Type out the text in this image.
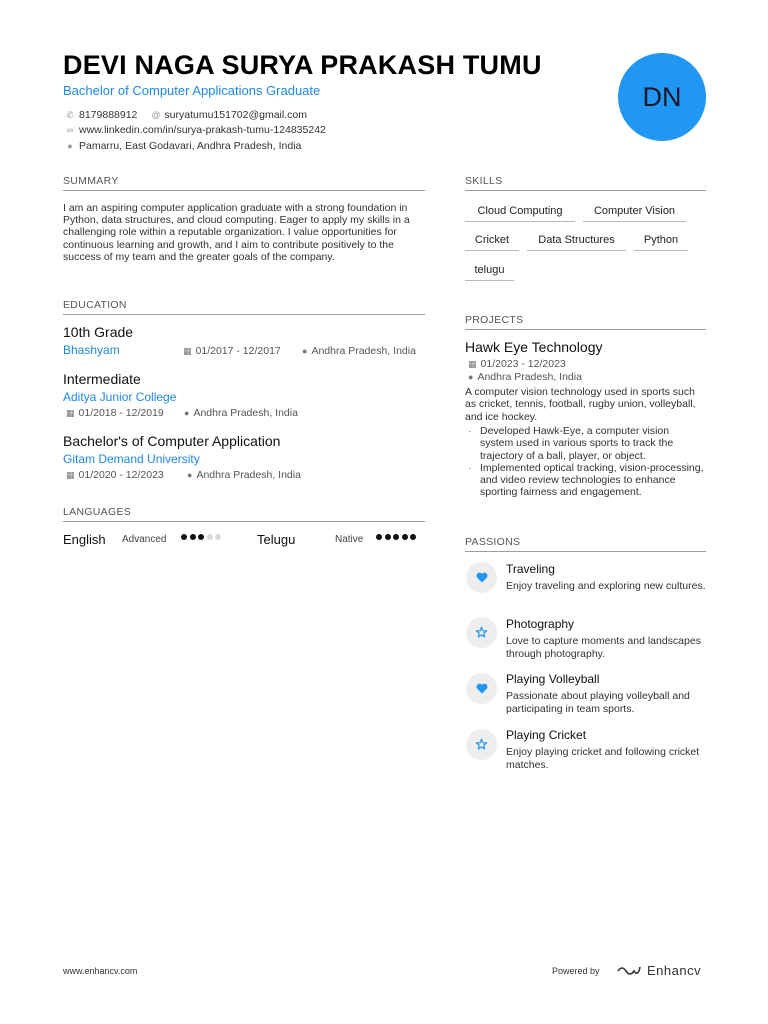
DEVI NAGA SURYA PRAKASH TUMU
Bachelor of Computer Applications Graduate
✆ 8179888912 @ suryatumu151702@gmail.com
∞ www.linkedin.com/in/surya-prakash-tumu-124835242
● Pamarru, East Godavari, Andhra Pradesh, India
DN
SUMMARY
I am an aspiring computer application graduate with a strong foundation in Python, data structures, and cloud computing. Eager to apply my skills in a challenging role within a reputable organization. I value opportunities for continuous learning and growth, and I aim to contribute positively to the success of my team and the greater goals of the company.
EDUCATION
10th Grade
Bhashyam	▦ 01/2017 - 12/2017 ● Andhra Pradesh, India
Intermediate
Aditya Junior College
▦ 01/2018 - 12/2019 ● Andhra Pradesh, India
Bachelor's of Computer Application
Gitam Demand University
▦ 01/2020 - 12/2023	● Andhra Pradesh, India
LANGUAGES
English Advanced	Telugu	Native
SKILLS
Cloud Computing	Computer Vision
Cricket	Data Structures	Python
telugu
PROJECTS
Hawk Eye Technology
▦ 01/2023 - 12/2023
● Andhra Pradesh, India
A computer vision technology used in sports such as cricket, tennis, football, rugby union, volleyball, and ice hockey.
· Developed Hawk-Eye, a computer vision system used in various sports to track the trajectory of a ball, player, or object.
· Implemented optical tracking, vision-processing, and video review technologies to enhance sporting fairness and engagement.
PASSIONS
Traveling
Enjoy traveling and exploring new cultures.
Photography
Love to capture moments and landscapes through photography.
Playing Volleyball
Passionate about playing volleyball and participating in team sports.
Playing Cricket
Enjoy playing cricket and following cricket matches.
www.enhancv.com	Powered by	Enhancv
